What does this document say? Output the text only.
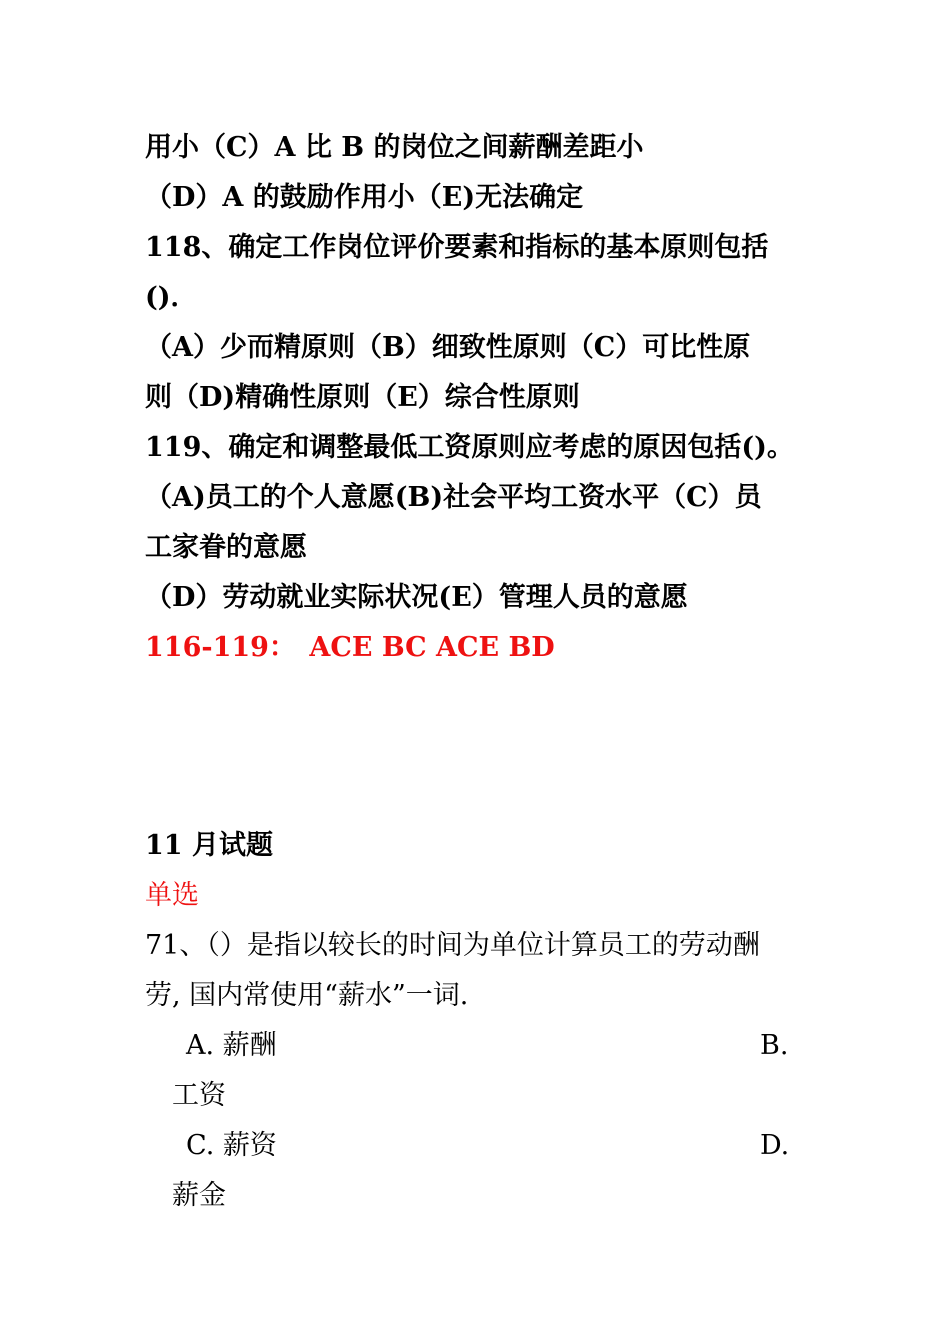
用小（C）A 比 B 的岗位之间薪酬差距小
（D）A 的鼓励作用小（E)无法确定
118、确定工作岗位评价要素和指标的基本原则包括
()．
（A）少而精原则（B）细致性原则（C）可比性原
则（D)精确性原则（E）综合性原则
119、确定和调整最低工资原则应考虑的原因包括()。
（A)员工的个人意愿(B)社会平均工资水平（C）员
工家眷的意愿
（D）劳动就业实际状况(E）管理人员的意愿
116-119：　ACE BC ACE BD
11 月试题
单选
71、（）是指以较长的时间为单位计算员工的劳动酬
劳, 国内常使用“薪水”一词.
A. 薪酬	B.
工资
C. 薪资	D.
薪金
